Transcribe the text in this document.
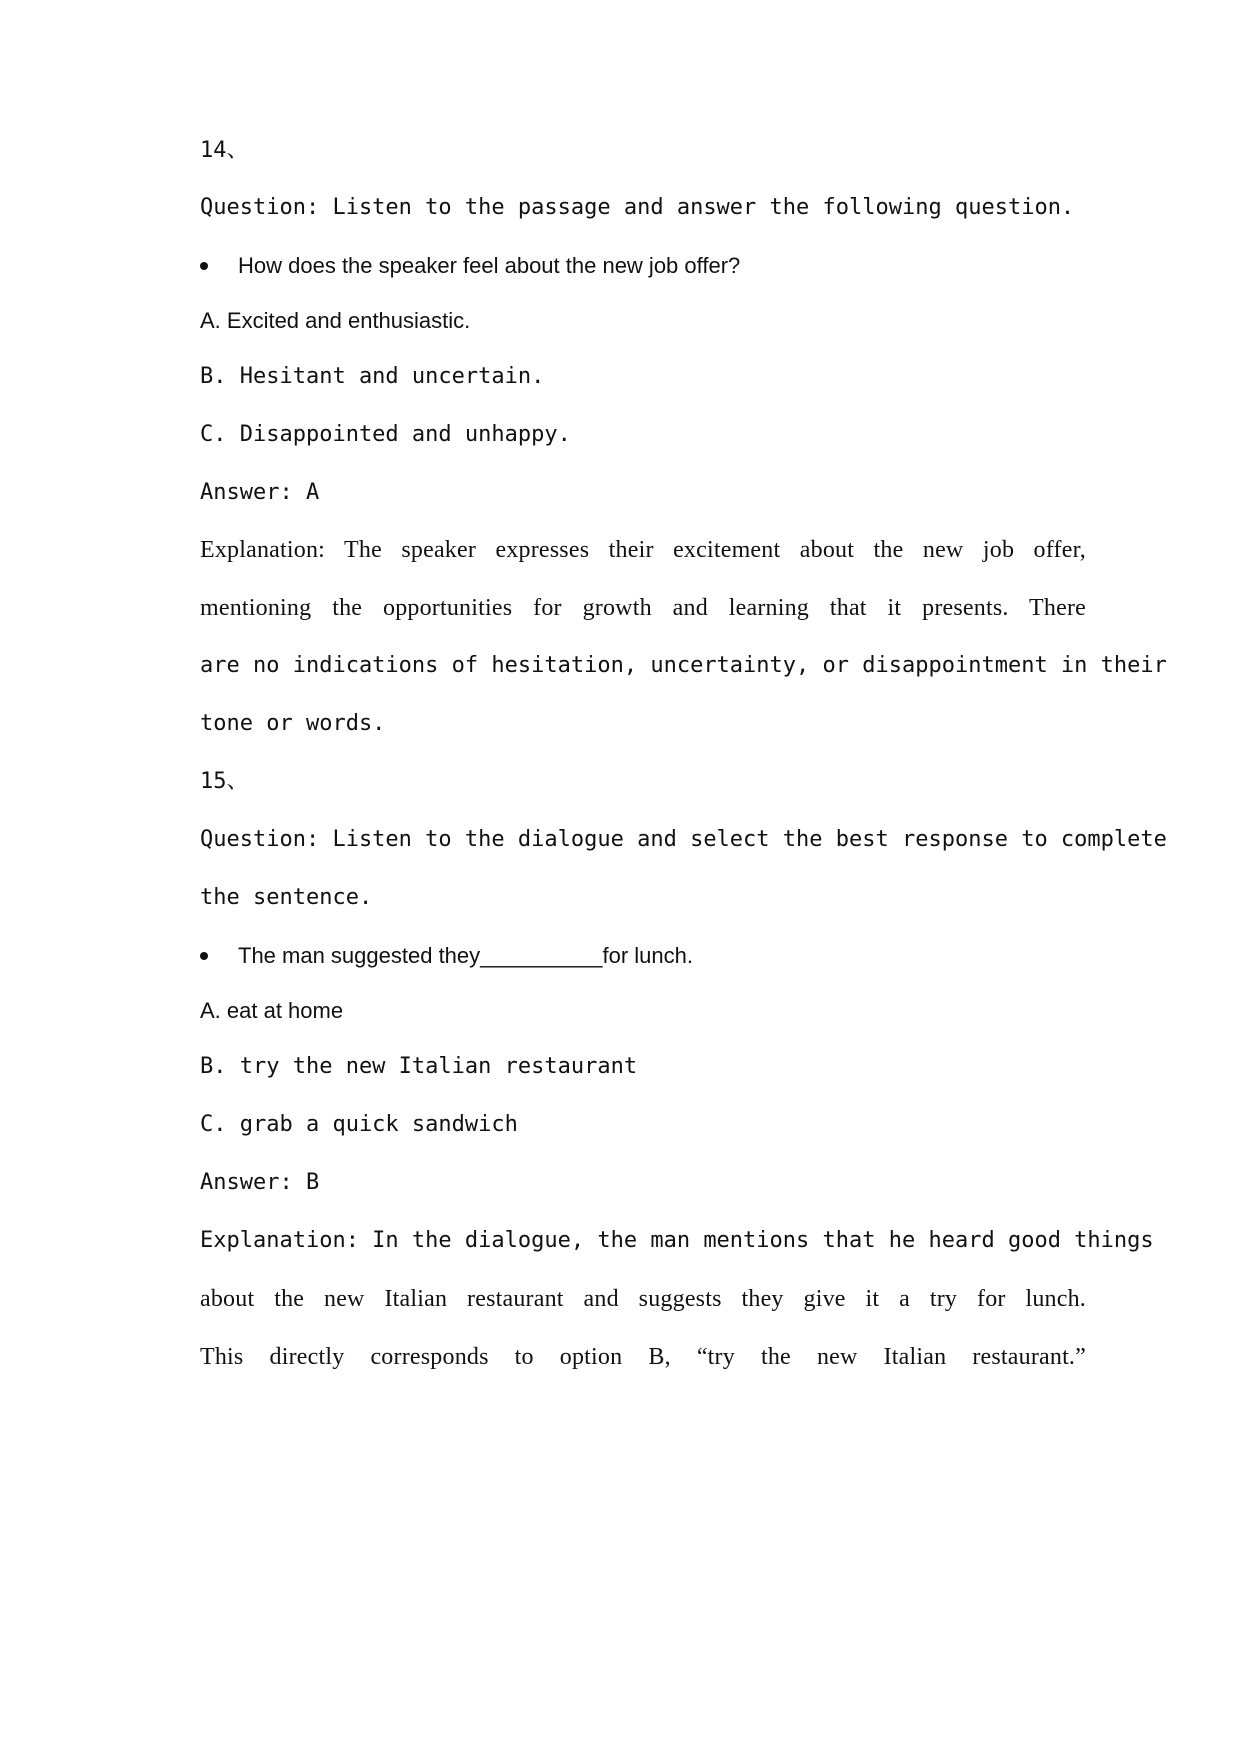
14、
Question: Listen to the passage and answer the following question.
How does the speaker feel about the new job offer?
A. Excited and enthusiastic.
B. Hesitant and uncertain.
C. Disappointed and unhappy.
Answer: A
Explanation: The speaker expresses their excitement about the new job offer,
mentioning the opportunities for growth and learning that it presents. There
are no indications of hesitation, uncertainty, or disappointment in their
tone or words.
15、
Question: Listen to the dialogue and select the best response to complete
the sentence.
The man suggested they__________for lunch.
A. eat at home
B. try the new Italian restaurant
C. grab a quick sandwich
Answer: B
Explanation: In the dialogue, the man mentions that he heard good things
about the new Italian restaurant and suggests they give it a try for lunch.
This directly corresponds to option B, “try the new Italian restaurant.”
